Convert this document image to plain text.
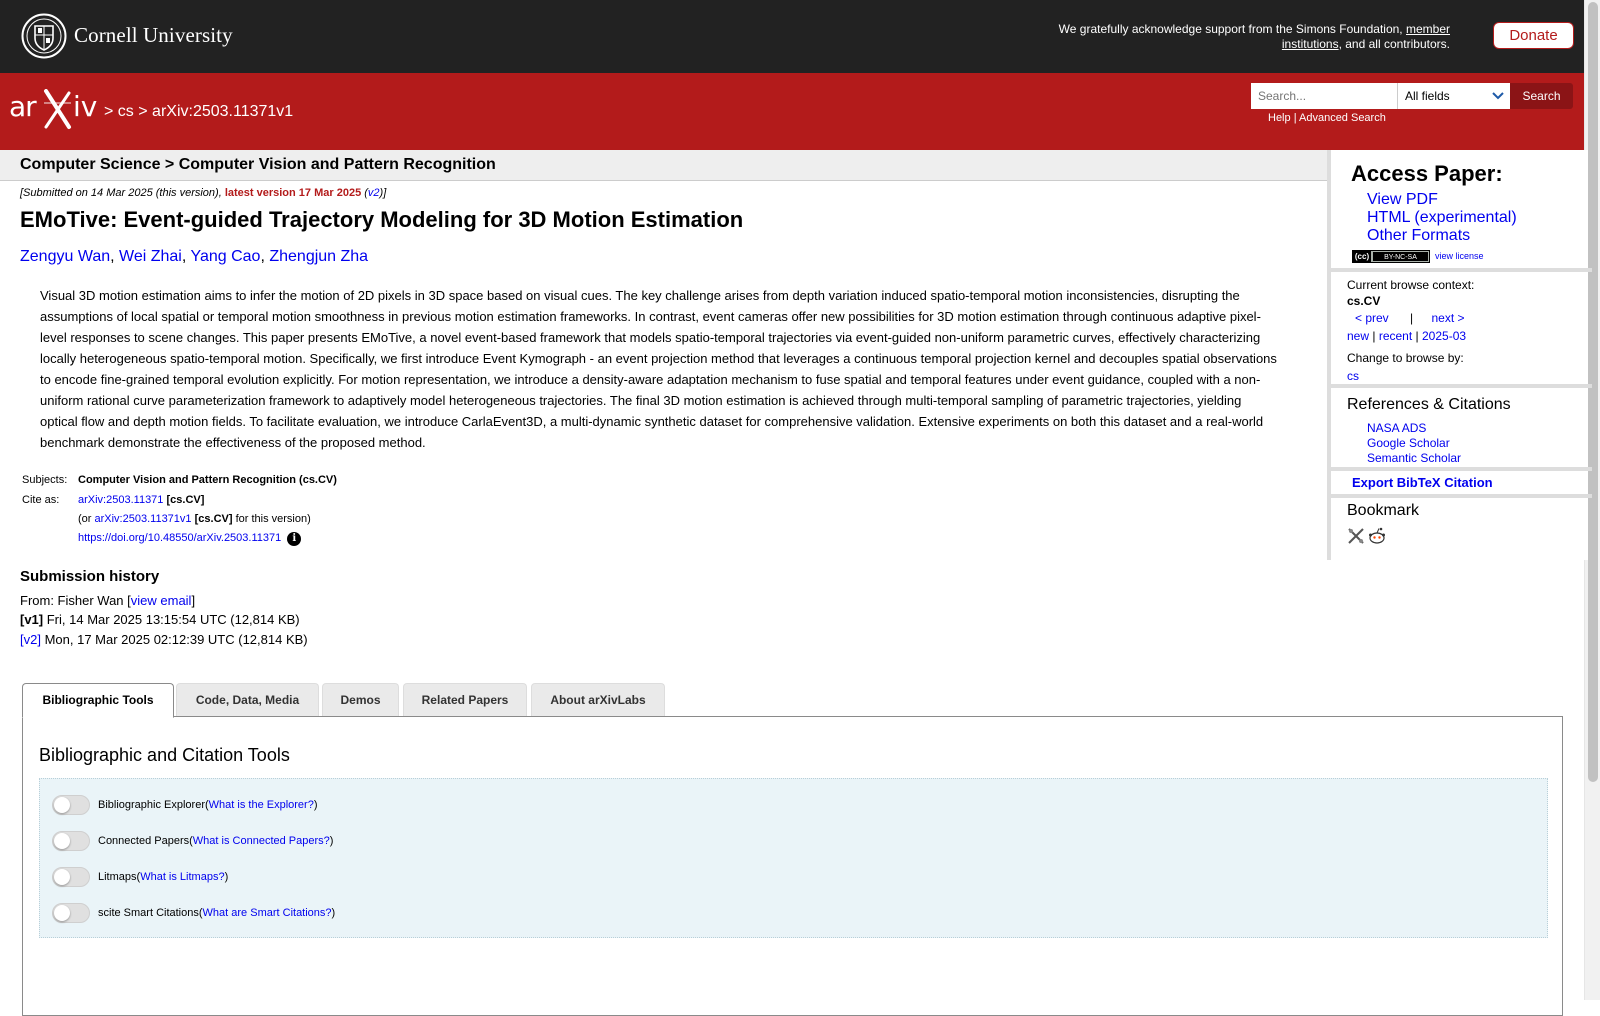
Cornell University	We gratefully acknowledge support from the Simons Foundation, member institutions, and all contributors.	Donate
ar iv > cs > arXiv:2503.11371v1
Search...
All fields	Search
Help | Advanced Search
Computer Science > Computer Vision and Pattern Recognition
[Submitted on 14 Mar 2025 (this version), latest version 17 Mar 2025 (v2)]
EMoTive: Event-guided Trajectory Modeling for 3D Motion Estimation
Zengyu Wan, Wei Zhai, Yang Cao, Zhengjun Zha

Visual 3D motion estimation aims to infer the motion of 2D pixels in 3D space based on visual cues. The key challenge arises from depth variation induced spatio-temporal motion inconsistencies, disrupting the assumptions of local spatial or temporal motion smoothness in previous motion estimation frameworks. In contrast, event cameras offer new possibilities for 3D motion estimation through continuous adaptive pixel-level responses to scene changes. This paper presents EMoTive, a novel event-based framework that models spatio-temporal trajectories via event-guided non-uniform parametric curves, effectively characterizing locally heterogeneous spatio-temporal motion. Specifically, we first introduce Event Kymograph - an event projection method that leverages a continuous temporal projection kernel and decouples spatial observations to encode fine-grained temporal evolution explicitly. For motion representation, we introduce a density-aware adaptation mechanism to fuse spatial and temporal features under event guidance, coupled with a non-uniform rational curve parameterization framework to adaptively model heterogeneous trajectories. The final 3D motion estimation is achieved through multi-temporal sampling of parametric trajectories, yielding optical flow and depth motion fields. To facilitate evaluation, we introduce CarlaEvent3D, a multi-dynamic synthetic dataset for comprehensive validation. Extensive experiments on both this dataset and a real-world benchmark demonstrate the effectiveness of the proposed method.

Subjects: Computer Vision and Pattern Recognition (cs.CV)
Cite as:	arXiv:2503.11371 [cs.CV]
(or arXiv:2503.11371v1 [cs.CV] for this version)
https://doi.org/10.48550/arXiv.2503.11371 i
Submission history
From: Fisher Wan [view email]
[v1] Fri, 14 Mar 2025 13:15:54 UTC (12,814 KB)
[v2] Mon, 17 Mar 2025 02:12:39 UTC (12,814 KB)
Access Paper:
View PDF
HTML (experimental)
Other Formats
(cc)	BY-NC-SA	view license
Current browse context:
cs.CV
< prev | next >
new | recent | 2025-03
Change to browse by:
cs
References & Citations
NASA ADS
Google Scholar
Semantic Scholar
Export BibTeX Citation
Bookmark
Bibliographic Tools	Code, Data, Media	Demos	Related Papers	About arXivLabs
Bibliographic and Citation Tools
Bibliographic Explorer ( What is the Explorer? )
Connected Papers ( What is Connected Papers? )
Litmaps ( What is Litmaps? )
scite Smart Citations ( What are Smart Citations? )
